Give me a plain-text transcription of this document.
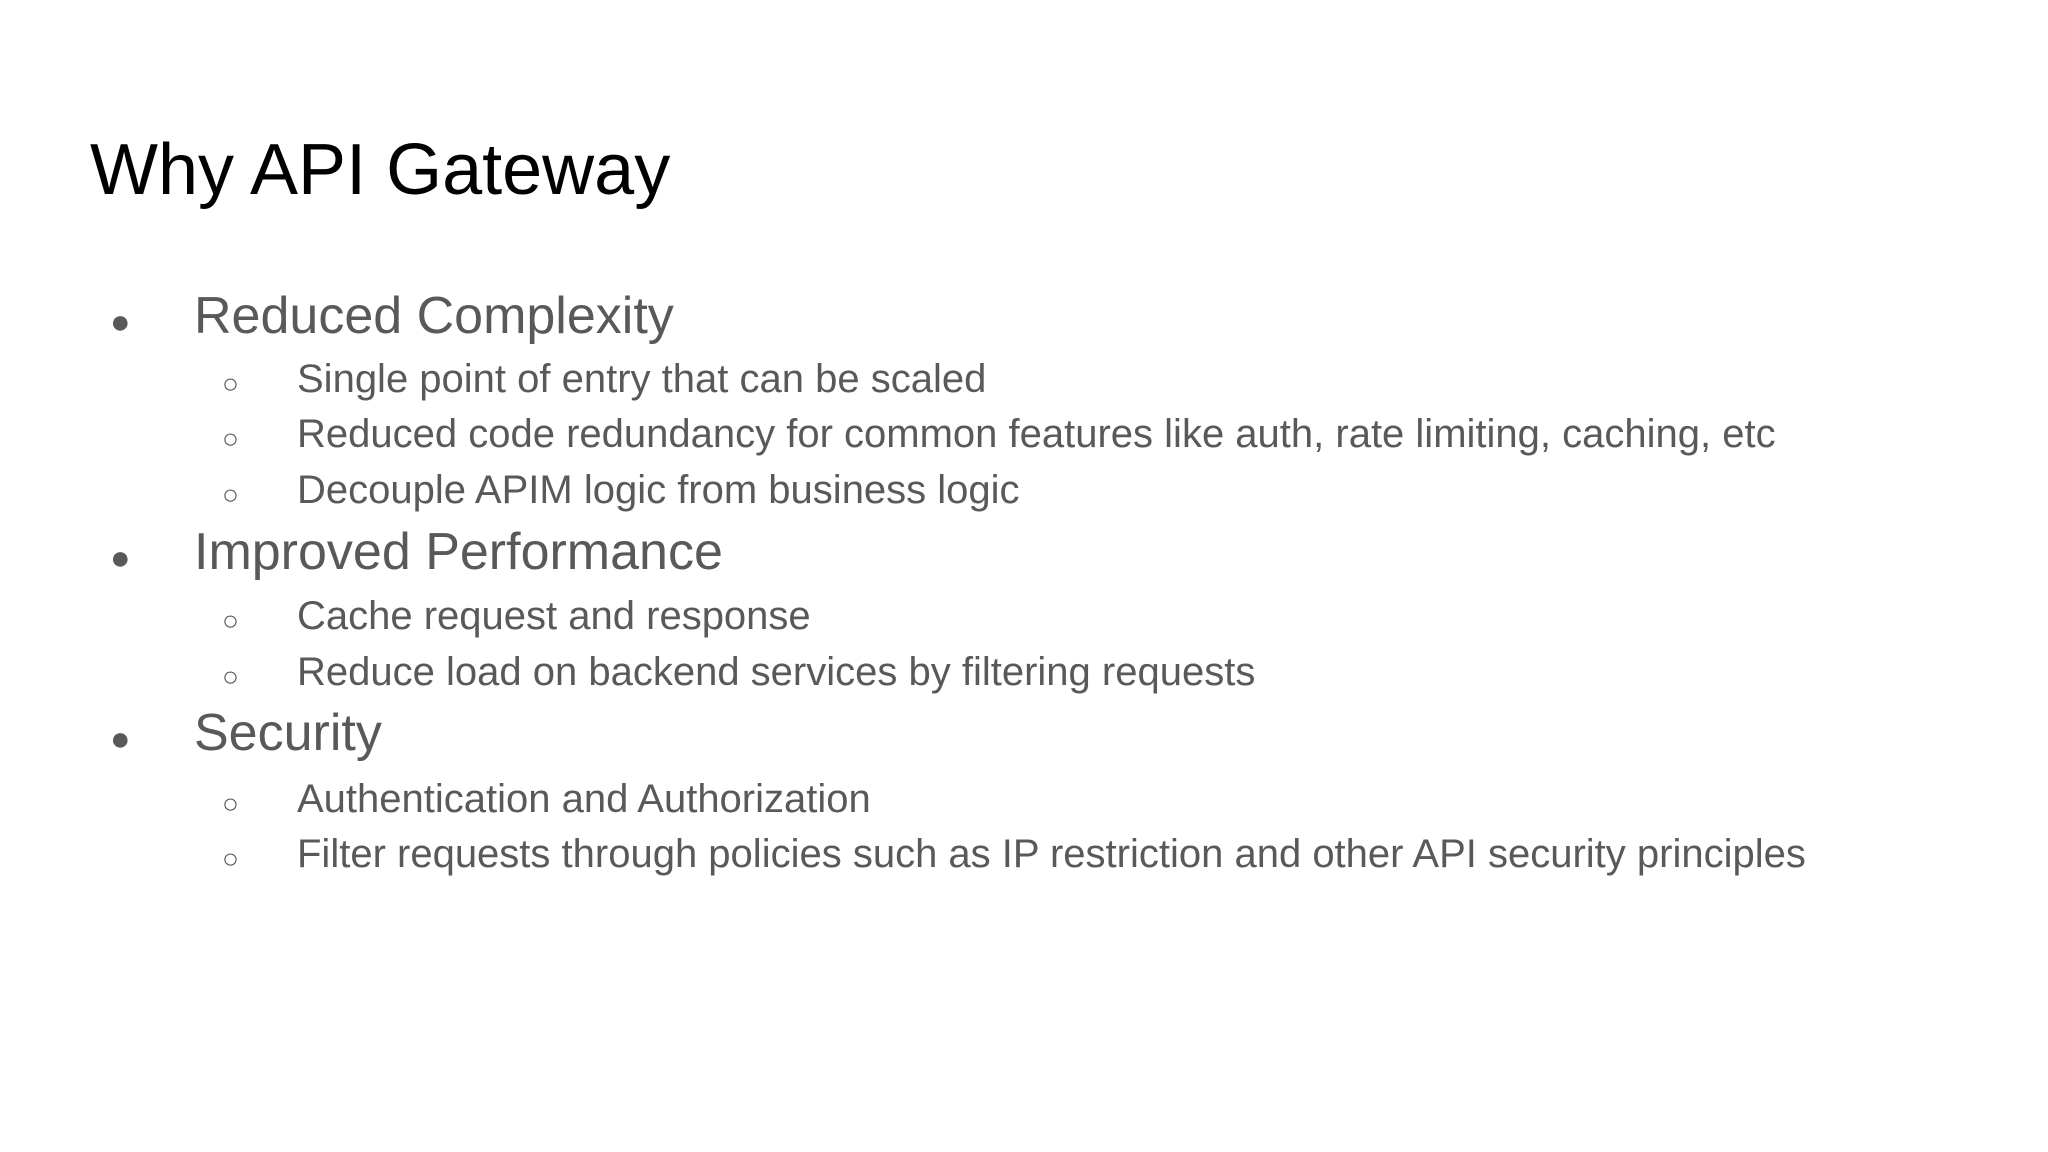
Why API Gateway
● Reduced Complexity
○ Single point of entry that can be scaled
○ Reduced code redundancy for common features like auth, rate limiting, caching, etc
○ Decouple APIM logic from business logic
● Improved Performance
○ Cache request and response
○ Reduce load on backend services by filtering requests
● Security
○ Authentication and Authorization
○ Filter requests through policies such as IP restriction and other API security principles
